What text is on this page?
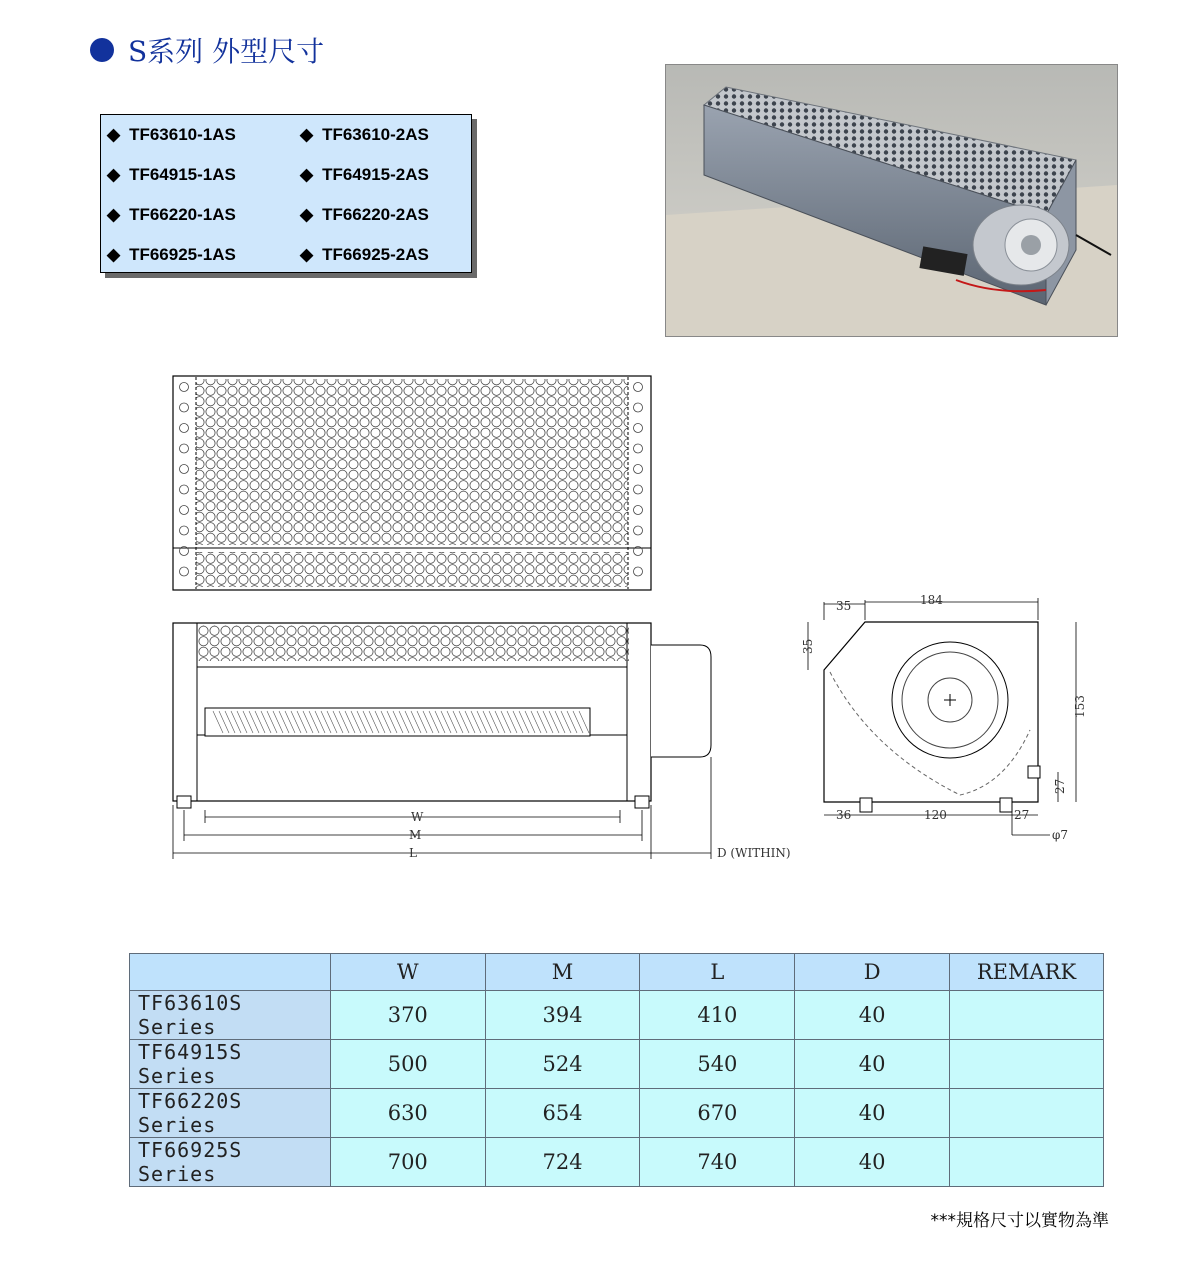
S系列 外型尺寸
◆ TF63610-1AS	◆ TF63610-2AS
◆ TF64915-1AS	◆ TF64915-2AS
◆ TF66220-1AS	◆ TF66220-2AS
◆ TF66925-1AS	◆ TF66925-2AS
W
M
L	D (WITHIN)
35	184
35
153
27
36	120	27
φ7
	W	M	L	D	REMARK
TF63610S Series	370	394	410	40	
TF64915S Series	500	524	540	40	
TF66220S Series	630	654	670	40	
TF66925S Series	700	724	740	40	
***規格尺寸以實物為準
